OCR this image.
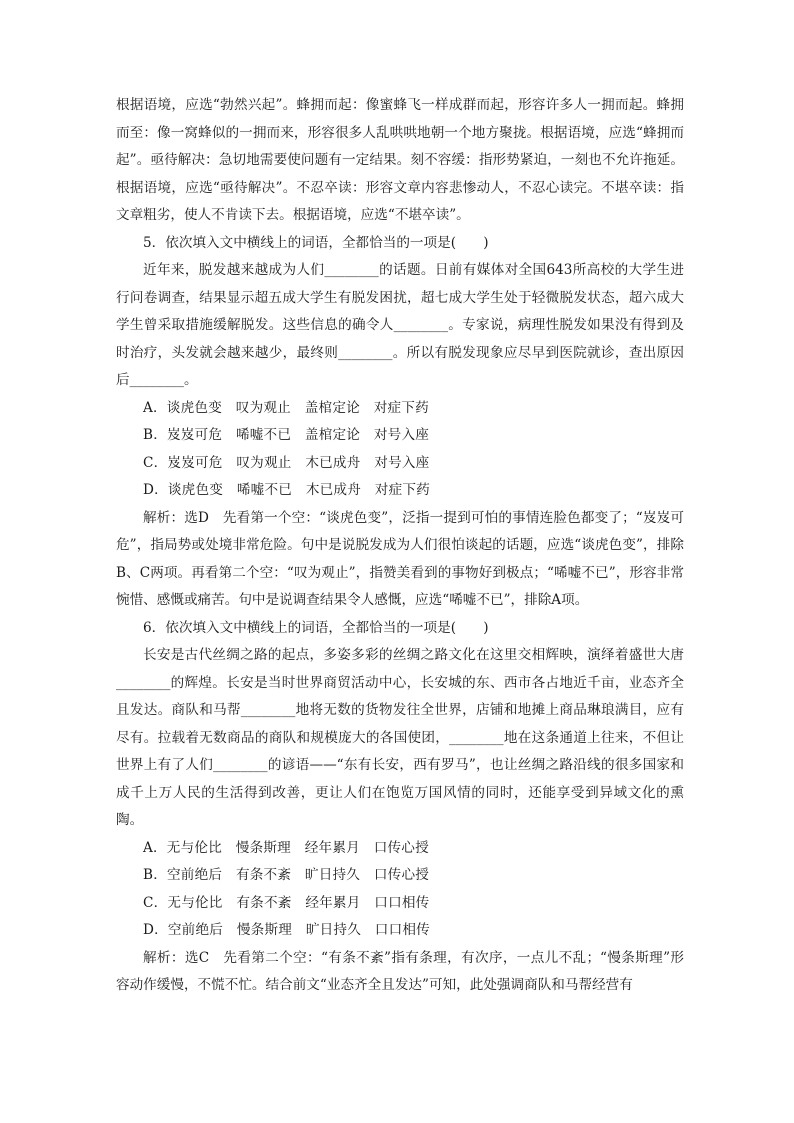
根据语境，应选“勃然兴起”。蜂拥而起：像蜜蜂飞一样成群而起，形容许多人一拥而起。蜂拥而至：像一窝蜂似的一拥而来，形容很多人乱哄哄地朝一个地方聚拢。根据语境，应选“蜂拥而起”。亟待解决：急切地需要使问题有一定结果。刻不容缓：指形势紧迫，一刻也不允许拖延。根据语境，应选“亟待解决”。不忍卒读：形容文章内容悲惨动人，不忍心读完。不堪卒读：指文章粗劣，使人不肯读下去。根据语境，应选“不堪卒读”。

5．依次填入文中横线上的词语，全都恰当的一项是(　　)

近年来，脱发越来越成为人们________的话题。日前有媒体对全国643所高校的大学生进行问卷调查，结果显示超五成大学生有脱发困扰，超七成大学生处于轻微脱发状态，超六成大学生曾采取措施缓解脱发。这些信息的确令人________。专家说，病理性脱发如果没有得到及时治疗，头发就会越来越少，最终则________。所以有脱发现象应尽早到医院就诊，查出原因后________。

A．谈虎色变　叹为观止　盖棺定论　对症下药

B．岌岌可危　唏嘘不已　盖棺定论　对号入座

C．岌岌可危　叹为观止　木已成舟　对号入座

D．谈虎色变　唏嘘不已　木已成舟　对症下药

解析：选D　先看第一个空：“谈虎色变”，泛指一提到可怕的事情连脸色都变了；“岌岌可危”，指局势或处境非常危险。句中是说脱发成为人们很怕谈起的话题，应选“谈虎色变”，排除B、C两项。再看第二个空：“叹为观止”，指赞美看到的事物好到极点；“唏嘘不已”，形容非常惋惜、感慨或痛苦。句中是说调查结果令人感慨，应选“唏嘘不已”，排除A项。

6．依次填入文中横线上的词语，全都恰当的一项是(　　)

长安是古代丝绸之路的起点，多姿多彩的丝绸之路文化在这里交相辉映，演绎着盛世大唐________的辉煌。长安是当时世界商贸活动中心，长安城的东、西市各占地近千亩，业态齐全且发达。商队和马帮________地将无数的货物发往全世界，店铺和地摊上商品琳琅满目，应有尽有。拉载着无数商品的商队和规模庞大的各国使团，________地在这条通道上往来，不但让世界上有了人们________的谚语——“东有长安，西有罗马”，也让丝绸之路沿线的很多国家和成千上万人民的生活得到改善，更让人们在饱览万国风情的同时，还能享受到异域文化的熏陶。

A．无与伦比　慢条斯理　经年累月　口传心授

B．空前绝后　有条不紊　旷日持久　口传心授

C．无与伦比　有条不紊　经年累月　口口相传

D．空前绝后　慢条斯理　旷日持久　口口相传

解析：选C　先看第二个空：“有条不紊”指有条理，有次序，一点儿不乱；“慢条斯理”形容动作缓慢，不慌不忙。结合前文“业态齐全且发达”可知，此处强调商队和马帮经营有
